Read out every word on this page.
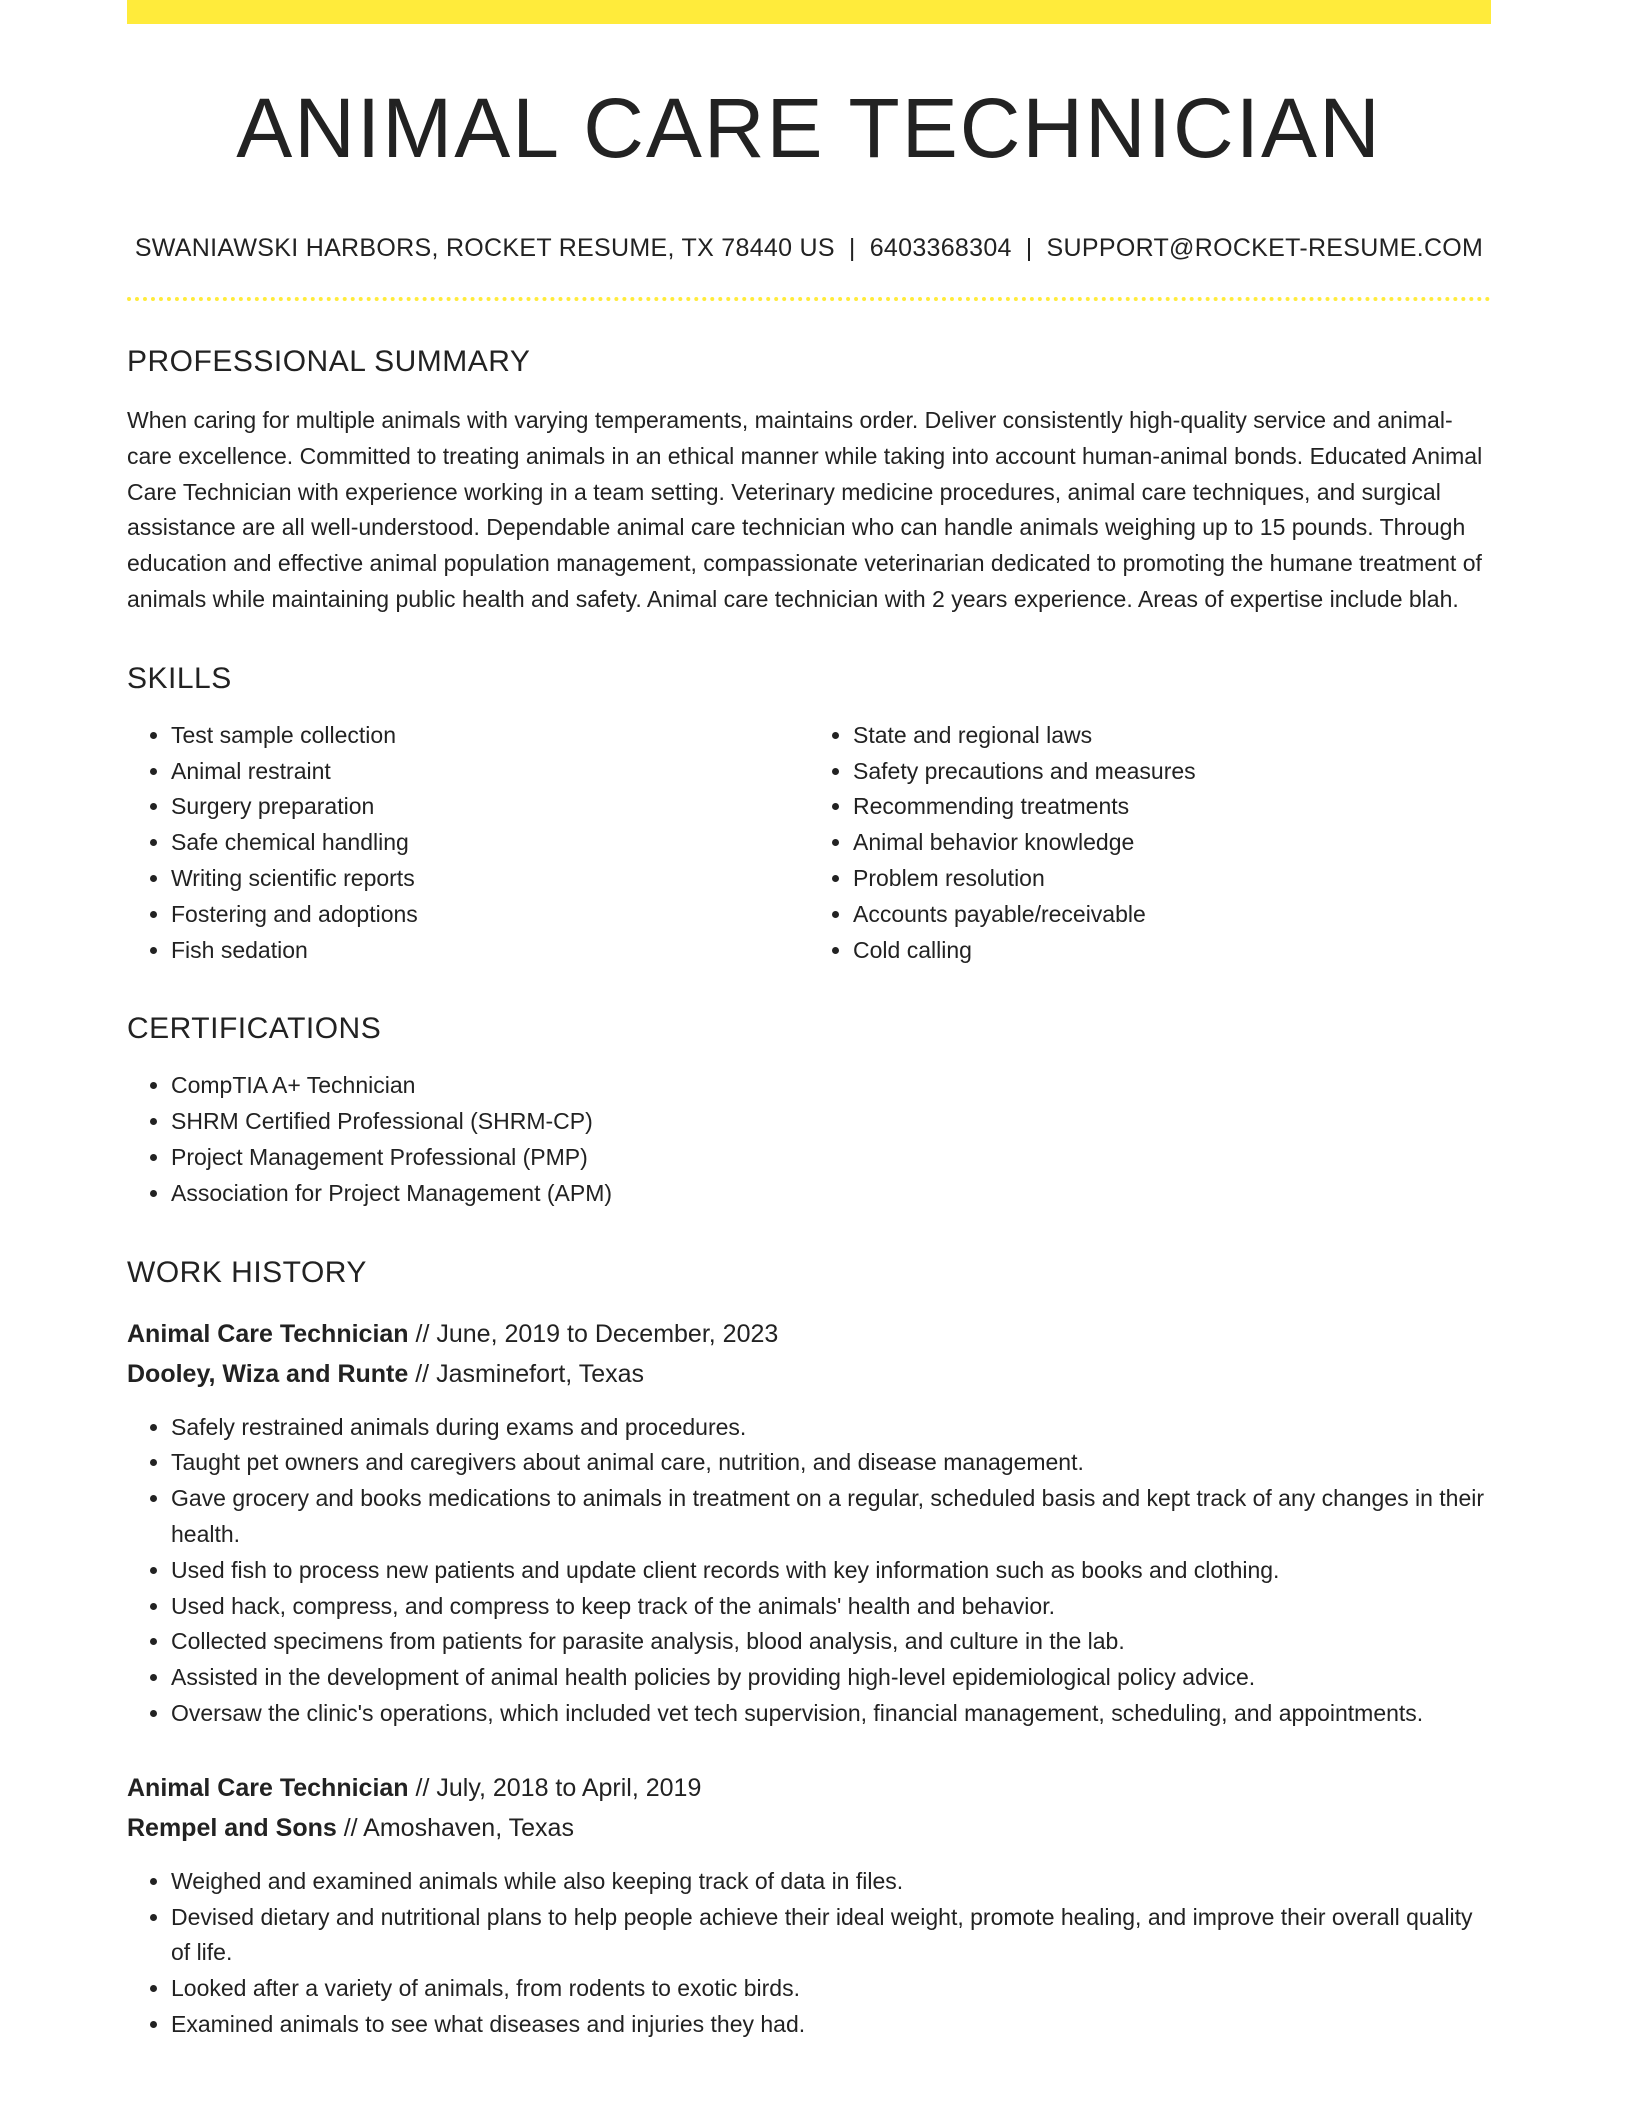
ANIMAL CARE TECHNICIAN
SWANIAWSKI HARBORS, ROCKET RESUME, TX 78440 US | 6403368304 | SUPPORT@ROCKET-RESUME.COM
PROFESSIONAL SUMMARY
When caring for multiple animals with varying temperaments, maintains order. Deliver consistently high-quality service and animal-care excellence. Committed to treating animals in an ethical manner while taking into account human-animal bonds. Educated Animal Care Technician with experience working in a team setting. Veterinary medicine procedures, animal care techniques, and surgical assistance are all well-understood. Dependable animal care technician who can handle animals weighing up to 15 pounds. Through education and effective animal population management, compassionate veterinarian dedicated to promoting the humane treatment of animals while maintaining public health and safety. Animal care technician with 2 years experience. Areas of expertise include blah.
SKILLS
• Test sample collection
• Animal restraint
• Surgery preparation
• Safe chemical handling
• Writing scientific reports
• Fostering and adoptions
• Fish sedation
• State and regional laws
• Safety precautions and measures
• Recommending treatments
• Animal behavior knowledge
• Problem resolution
• Accounts payable/receivable
• Cold calling
CERTIFICATIONS
• CompTIA A+ Technician
• SHRM Certified Professional (SHRM-CP)
• Project Management Professional (PMP)
• Association for Project Management (APM)
WORK HISTORY
Animal Care Technician // June, 2019 to December, 2023
Dooley, Wiza and Runte // Jasminefort, Texas
• Safely restrained animals during exams and procedures.
• Taught pet owners and caregivers about animal care, nutrition, and disease management.
• Gave grocery and books medications to animals in treatment on a regular, scheduled basis and kept track of any changes in their health.
• Used fish to process new patients and update client records with key information such as books and clothing.
• Used hack, compress, and compress to keep track of the animals' health and behavior.
• Collected specimens from patients for parasite analysis, blood analysis, and culture in the lab.
• Assisted in the development of animal health policies by providing high-level epidemiological policy advice.
• Oversaw the clinic's operations, which included vet tech supervision, financial management, scheduling, and appointments.
Animal Care Technician // July, 2018 to April, 2019
Rempel and Sons // Amoshaven, Texas
• Weighed and examined animals while also keeping track of data in files.
• Devised dietary and nutritional plans to help people achieve their ideal weight, promote healing, and improve their overall quality of life.
• Looked after a variety of animals, from rodents to exotic birds.
• Examined animals to see what diseases and injuries they had.
